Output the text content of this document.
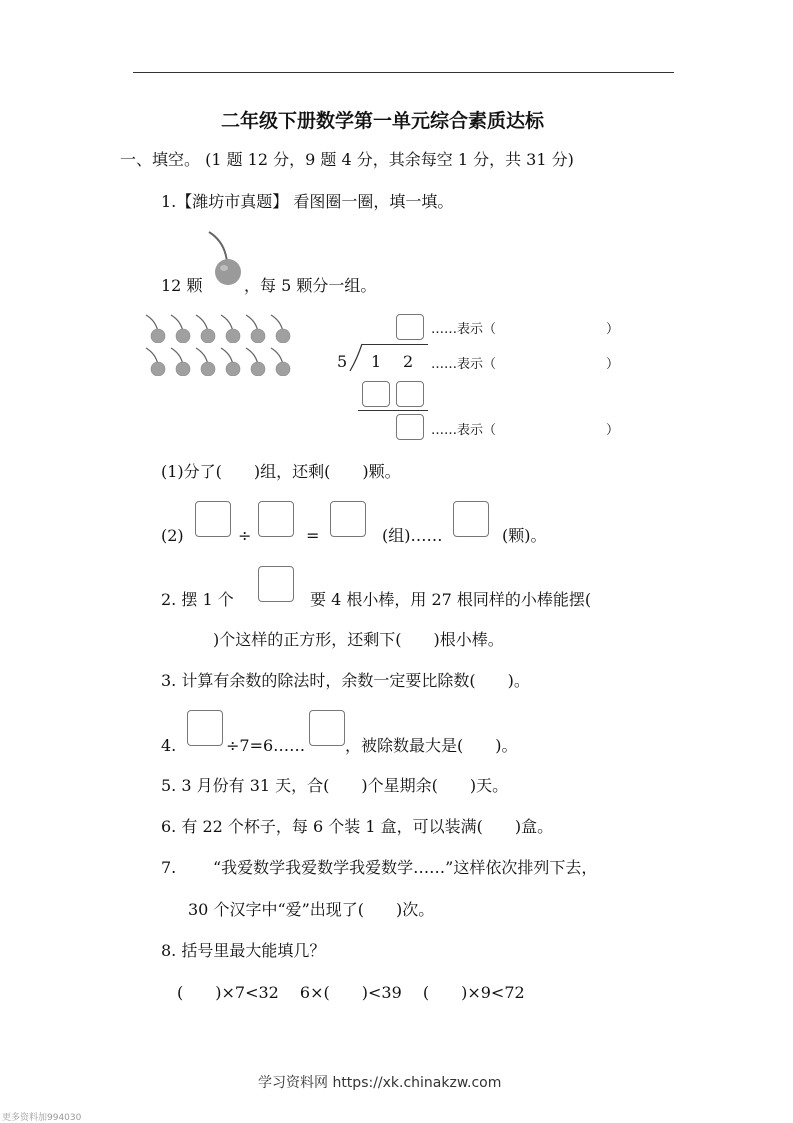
二年级下册数学第一单元综合素质达标
一、填空。 (1 题 12 分，9 题 4 分，其余每空 1 分，共 31 分)
1.【潍坊市真题】 看图圈一圈，填一填。
12 颗	，每 5 颗分一组。
……表示（	）
5 1 2 ……表示（	）
……表示（	）
(1)分了(　　)组，还剩(　　)颗。
(2)	÷	=	(组)……	(颗)。
2. 摆 1 个	要 4 根小棒，用 27 根同样的小棒能摆(
)个这样的正方形，还剩下(　　)根小棒。
3. 计算有余数的除法时，余数一定要比除数(　　)。
4.	÷7=6…… ，被除数最大是(　　)。
5. 3 月份有 31 天，合(　　)个星期余(　　)天。
6. 有 22 个杯子，每 6 个装 1 盒，可以装满(　　)盒。
7. “我爱数学我爱数学我爱数学……”这样依次排列下去，
30 个汉字中“爱”出现了(　　)次。
8. 括号里最大能填几？
(　　)×7<32　 6×(　　)<39　 (　　)×9<72
学习资料网 https://xk.chinakzw.com
更多资料加994030
